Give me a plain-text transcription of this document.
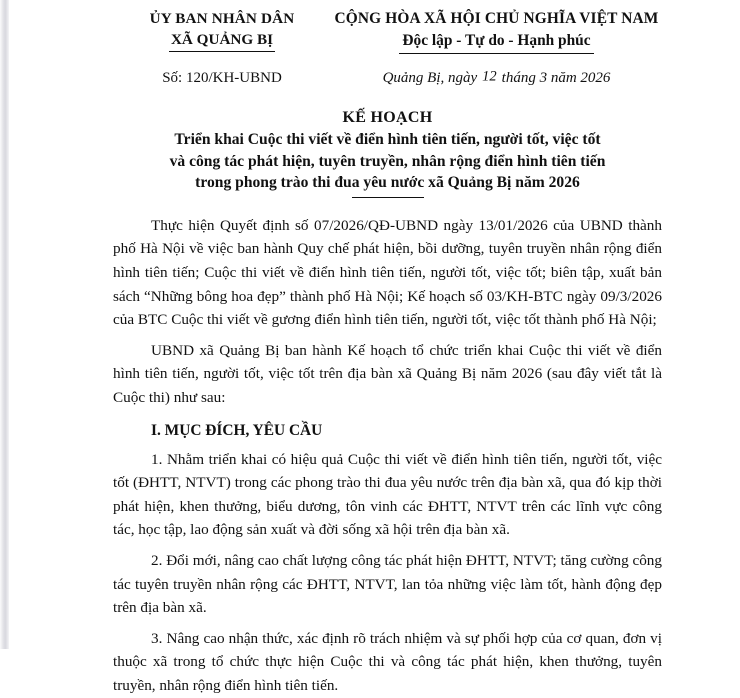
ỦY BAN NHÂN DÂN
XÃ QUẢNG BỊ
CỘNG HÒA XÃ HỘI CHỦ NGHĨA VIỆT NAM
Độc lập - Tự do - Hạnh phúc
Số: 120/KH-UBND	Quảng Bị, ngày 12 tháng 3 năm 2026
KẾ HOẠCH
Triển khai Cuộc thi viết về điển hình tiên tiến, người tốt, việc tốt
và công tác phát hiện, tuyên truyền, nhân rộng điển hình tiên tiến
trong phong trào thi đua yêu nước xã Quảng Bị năm 2026

Thực hiện Quyết định số 07/2026/QĐ-UBND ngày 13/01/2026 của UBND thành phố Hà Nội về việc ban hành Quy chế phát hiện, bồi dưỡng, tuyên truyền nhân rộng điển hình tiên tiến; Cuộc thi viết về điển hình tiên tiến, người tốt, việc tốt; biên tập, xuất bản sách “Những bông hoa đẹp” thành phố Hà Nội; Kế hoạch số 03/KH-BTC ngày 09/3/2026 của BTC Cuộc thi viết về gương điển hình tiên tiến, người tốt, việc tốt thành phố Hà Nội;

UBND xã Quảng Bị ban hành Kế hoạch tổ chức triển khai Cuộc thi viết về điển hình tiên tiến, người tốt, việc tốt trên địa bàn xã Quảng Bị năm 2026 (sau đây viết tắt là Cuộc thi) như sau:

I. MỤC ĐÍCH, YÊU CẦU

1. Nhằm triển khai có hiệu quả Cuộc thi viết về điển hình tiên tiến, người tốt, việc tốt (ĐHTT, NTVT) trong các phong trào thi đua yêu nước trên địa bàn xã, qua đó kịp thời phát hiện, khen thưởng, biểu dương, tôn vinh các ĐHTT, NTVT trên các lĩnh vực công tác, học tập, lao động sản xuất và đời sống xã hội trên địa bàn xã.

2. Đổi mới, nâng cao chất lượng công tác phát hiện ĐHTT, NTVT; tăng cường công tác tuyên truyền nhân rộng các ĐHTT, NTVT, lan tỏa những việc làm tốt, hành động đẹp trên địa bàn xã.

3. Nâng cao nhận thức, xác định rõ trách nhiệm và sự phối hợp của cơ quan, đơn vị thuộc xã trong tổ chức thực hiện Cuộc thi và công tác phát hiện, khen thưởng, tuyên truyền, nhân rộng điển hình tiên tiến.
